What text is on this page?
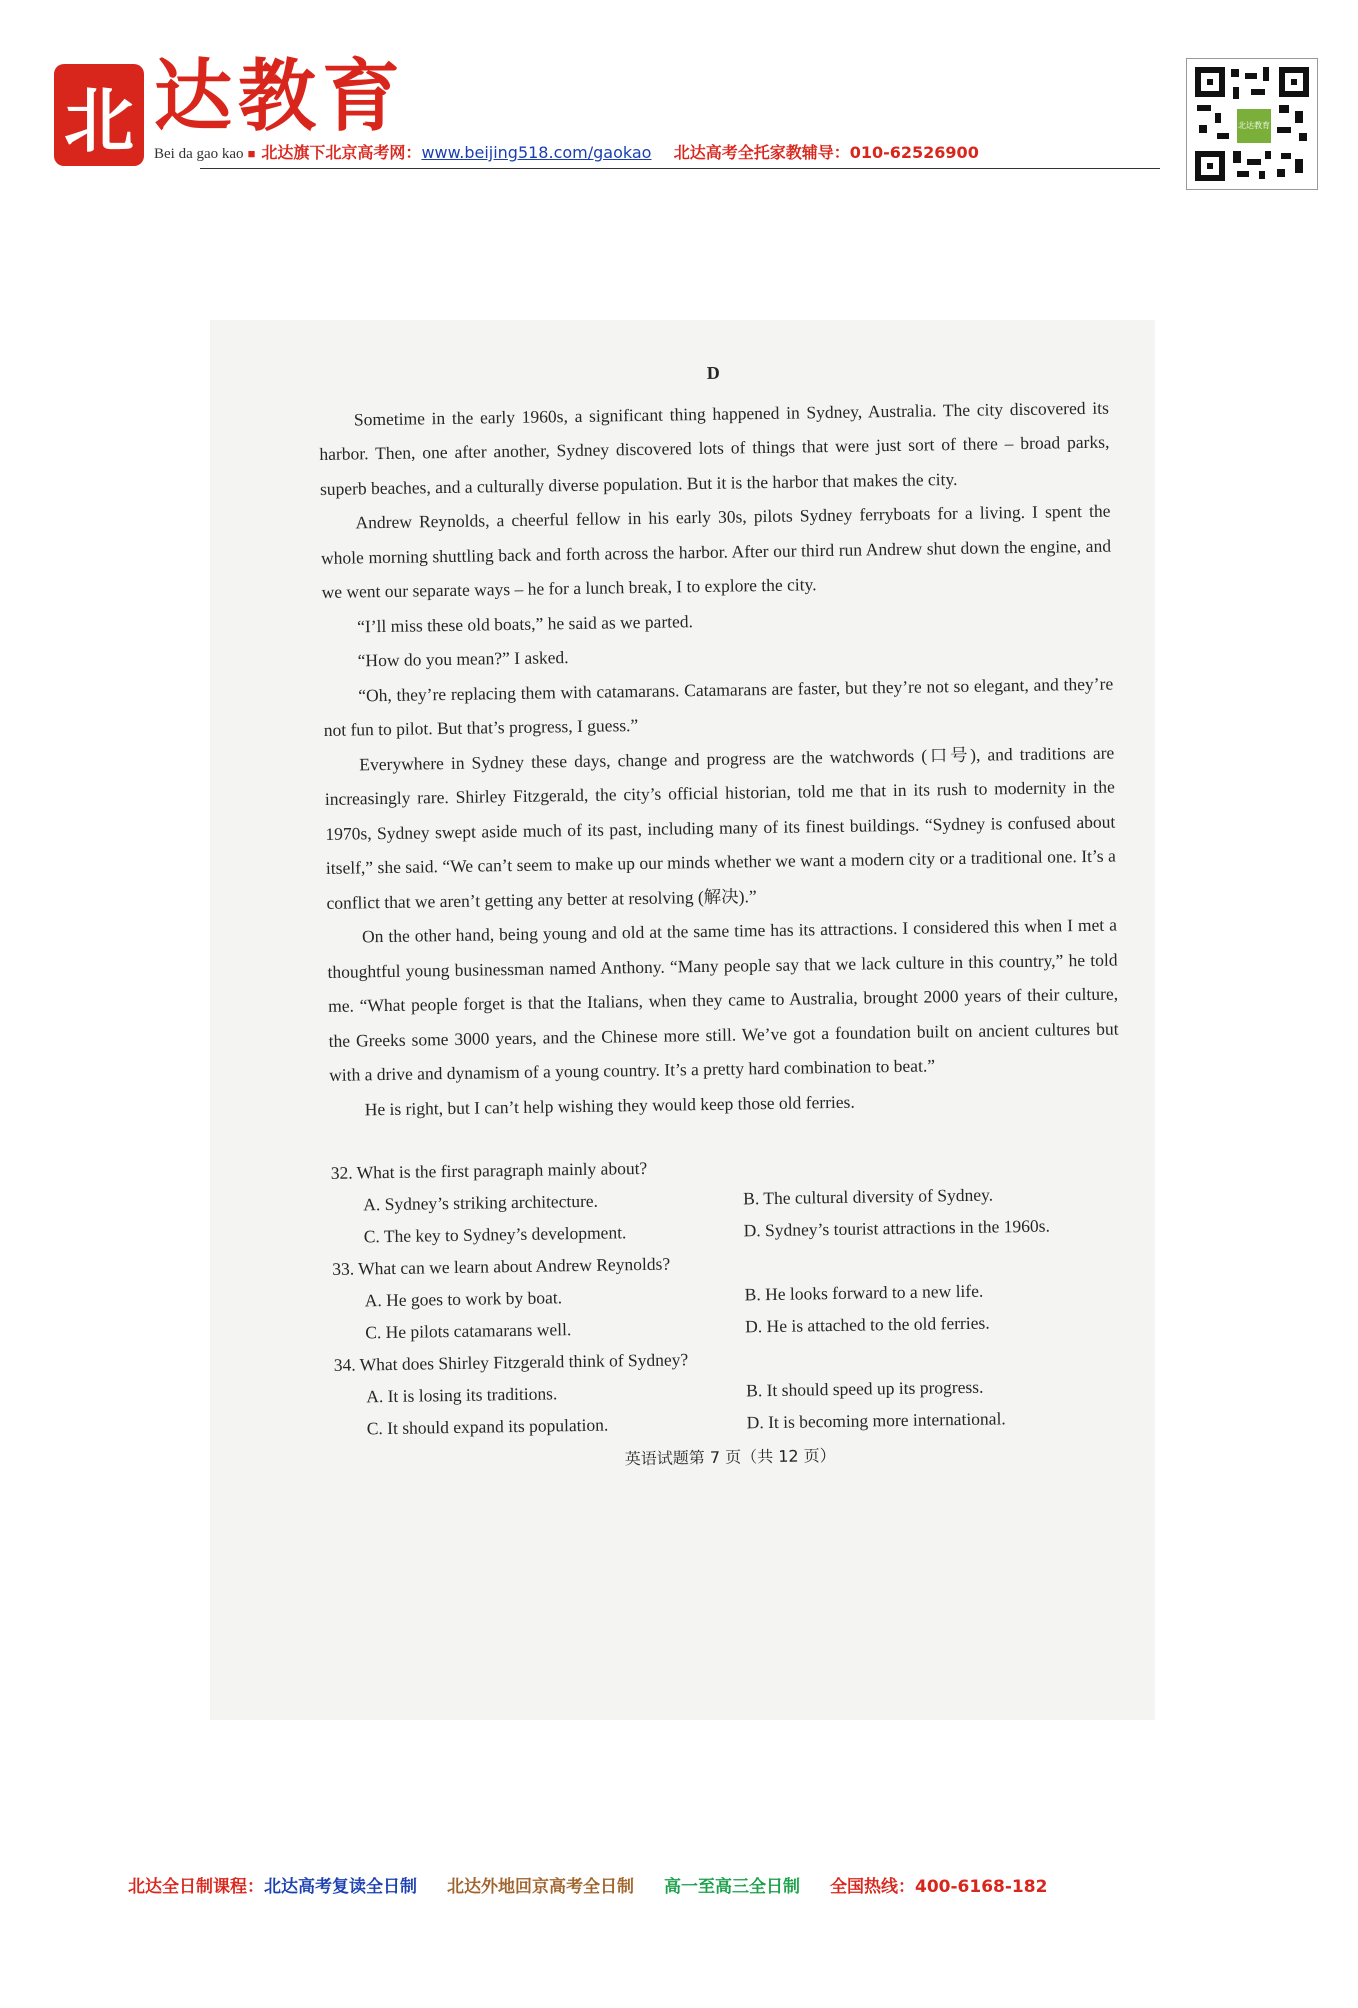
北 达教育
Bei da gao kao ■ 北达旗下北京高考网：www.beijing518.com/gaokao 北达高考全托家教辅导：010-62526900
北达教育
D

Sometime in the early 1960s, a significant thing happened in Sydney, Australia. The city discovered its harbor. Then, one after another, Sydney discovered lots of things that were just sort of there – broad parks, superb beaches, and a culturally diverse population. But it is the harbor that makes the city.

Andrew Reynolds, a cheerful fellow in his early 30s, pilots Sydney ferryboats for a living. I spent the whole morning shuttling back and forth across the harbor. After our third run Andrew shut down the engine, and we went our separate ways – he for a lunch break, I to explore the city.

“I’ll miss these old boats,” he said as we parted.

“How do you mean?” I asked.

“Oh, they’re replacing them with catamarans. Catamarans are faster, but they’re not so elegant, and they’re not fun to pilot. But that’s progress, I guess.”

Everywhere in Sydney these days, change and progress are the watchwords (口号), and traditions are increasingly rare. Shirley Fitzgerald, the city’s official historian, told me that in its rush to modernity in the 1970s, Sydney swept aside much of its past, including many of its finest buildings. “Sydney is confused about itself,” she said. “We can’t seem to make up our minds whether we want a modern city or a traditional one. It’s a conflict that we aren’t getting any better at resolving (解决).”

On the other hand, being young and old at the same time has its attractions. I considered this when I met a thoughtful young businessman named Anthony. “Many people say that we lack culture in this country,” he told me. “What people forget is that the Italians, when they came to Australia, brought 2000 years of their culture, the Greeks some 3000 years, and the Chinese more still. We’ve got a foundation built on ancient cultures but with a drive and dynamism of a young country. It’s a pretty hard combination to beat.”

He is right, but I can’t help wishing they would keep those old ferries.

32. What is the first paragraph mainly about?

A. Sydney’s striking architecture.	B. The cultural diversity of Sydney.
C. The key to Sydney’s development.	D. Sydney’s tourist attractions in the 1960s.

33. What can we learn about Andrew Reynolds?

A. He goes to work by boat.	B. He looks forward to a new life.
C. He pilots catamarans well.	D. He is attached to the old ferries.

34. What does Shirley Fitzgerald think of Sydney?

A. It is losing its traditions.	B. It should speed up its progress.
C. It should expand its population.	D. It is becoming more international.
英语试题第 7 页（共 12 页）
北达全日制课程：北达高考复读全日制 北达外地回京高考全日制 高一至高三全日制 全国热线：400-6168-182
